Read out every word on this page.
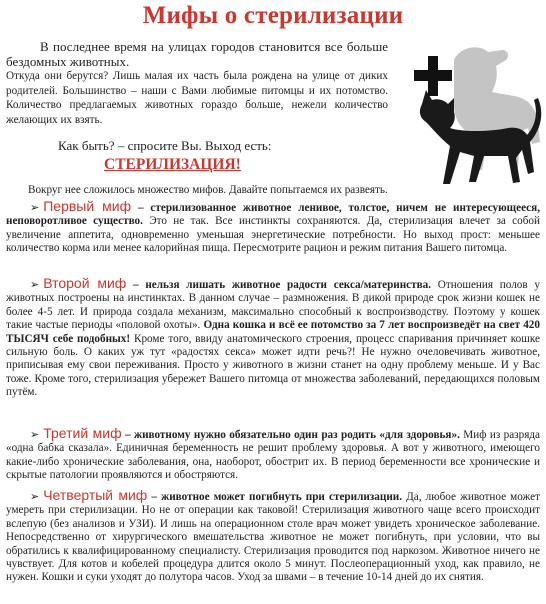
Мифы о стерилизации
В последнее время на улицах городов становится все больше бездомных животных.
Откуда они берутся? Лишь малая их часть была рождена на улице от диких родителей. Большинство – наши с Вами любимые питомцы и их потомство. Количество предлагаемых животных гораздо больше, нежели количество желающих их взять.
Как быть? – спросите Вы. Выход есть:
СТЕРИЛИЗАЦИЯ!
Вокруг нее сложилось множество мифов. Давайте попытаемся их развеять.
➢ Первый миф – стерилизованное животное ленивое, толстое, ничем не интересующееся, неповоротливое существо. Это не так. Все инстинкты сохраняются. Да, стерилизация влечет за собой увеличение аппетита, одновременно уменьшая энергетические потребности. Но выход прост: меньшее количество корма или менее калорийная пища. Пересмотрите рацион и режим питания Вашего питомца.
➢ Второй миф – нельзя лишать животное радости секса/материнства. Отношения полов у животных построены на инстинктах. В данном случае – размножения. В дикой природе срок жизни кошек не более 4-5 лет. И природа создала механизм, максимально способный к воспроизводству. Поэтому у кошек такие частые периоды «половой охоты». Одна кошка и всё ее потомство за 7 лет воспроизведёт на свет 420 ТЫСЯЧ себе подобных! Кроме того, ввиду анатомического строения, процесс спаривания причиняет кошке сильную боль. О каких уж тут «радостях секса» может идти речь?! Не нужно очеловечивать животное, приписывая ему свои переживания. Просто у животного в жизни станет на одну проблему меньше. И у Вас тоже. Кроме того, стерилизация убережет Вашего питомца от множества заболеваний, передающихся половым путём.
➢ Третий миф – животному нужно обязательно один раз родить «для здоровья». Миф из разряда «одна бабка сказала». Единичная беременность не решит проблему здоровья. А вот у животного, имеющего какие-либо хронические заболевания, она, наоборот, обострит их. В период беременности все хронические и скрытые патологии проявляются и обостряются.
➢ Четвертый миф – животное может погибнуть при стерилизации. Да, любое животное может умереть при стерилизации. Но не от операции как таковой! Стерилизация животного чаще всего происходит вслепую (без анализов и УЗИ). И лишь на операционном столе врач может увидеть хроническое заболевание. Непосредственно от хирургического вмешательства животное не может погибнуть, при условии, что вы обратились к квалифицированному специалисту. Стерилизация проводится под наркозом. Животное ничего не чувствует. Для котов и кобелей процедура длится около 5 минут. Послеоперационный уход, как правило, не нужен. Кошки и суки уходят до полутора часов. Уход за швами – в течение 10-14 дней до их снятия.
